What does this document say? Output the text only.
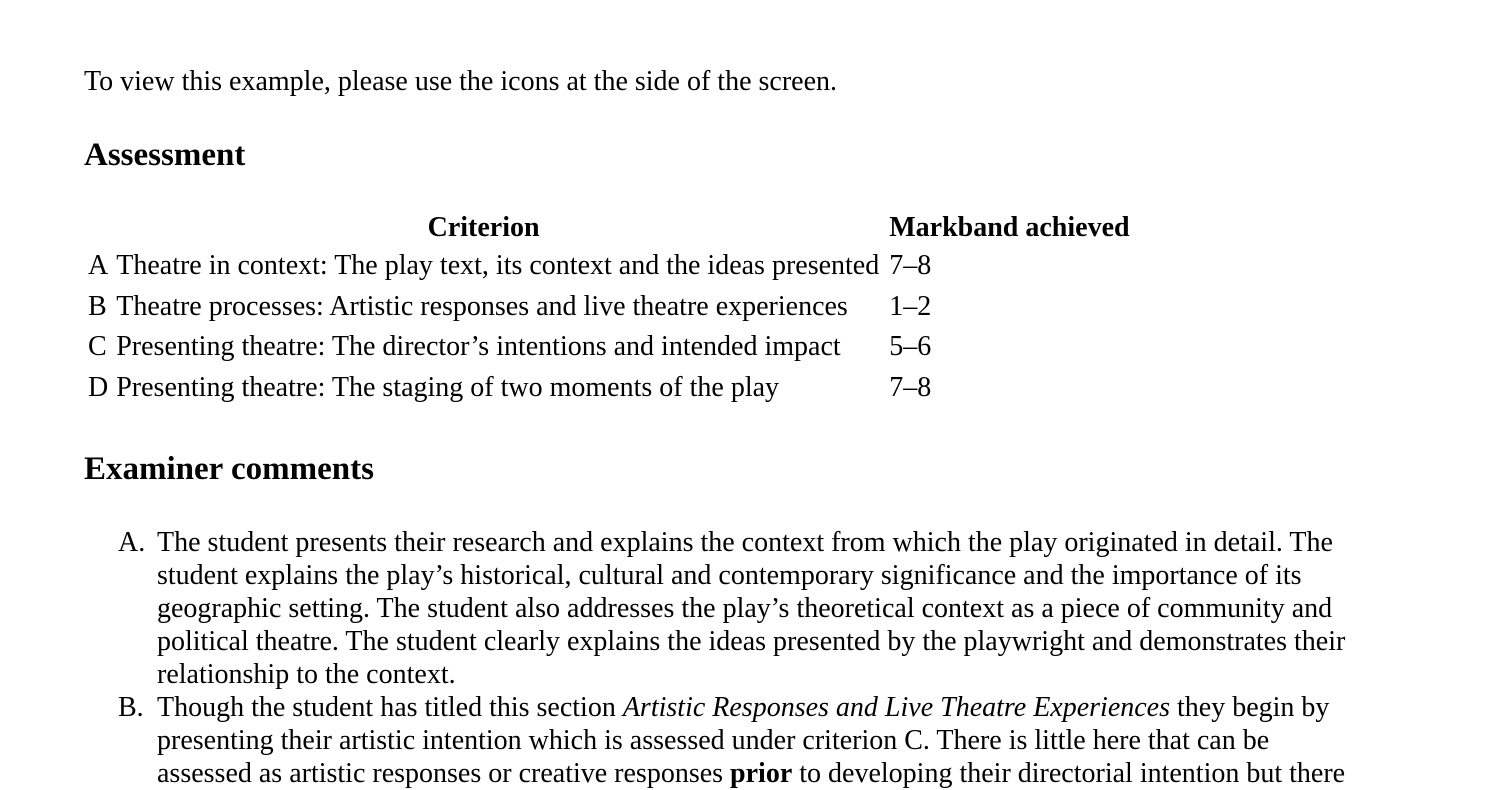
To view this example, please use the icons at the side of the screen.
Assessment
Criterion		Markband achieved
A	Theatre in context: The play text, its context and the ideas presented	7–8
B	Theatre processes: Artistic responses and live theatre experiences	1–2
C	Presenting theatre: The director’s intentions and intended impact	5–6
D	Presenting theatre: The staging of two moments of the play	7–8
Examiner comments
A. The student presents their research and explains the context from which the play originated in detail. The
student explains the play’s historical, cultural and contemporary significance and the importance of its
geographic setting. The student also addresses the play’s theoretical context as a piece of community and
political theatre. The student clearly explains the ideas presented by the playwright and demonstrates their
relationship to the context.
B. Though the student has titled this section Artistic Responses and Live Theatre Experiences they begin by
presenting their artistic intention which is assessed under criterion C. There is little here that can be
assessed as artistic responses or creative responses prior to developing their directorial intention but there
